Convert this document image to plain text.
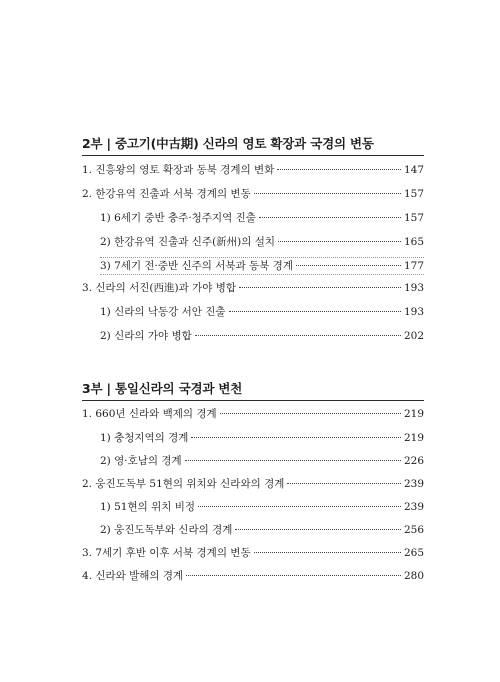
2부 | 중고기(中古期) 신라의 영토 확장과 국경의 변동
1. 진흥왕의 영토 확장과 동북 경계의 변화	147
2. 한강유역 진출과 서북 경계의 변동	157
1) 6세기 중반 충주·청주지역 진출	157
2) 한강유역 진출과 신주(新州)의 설치	165
3) 7세기 전·중반 신주의 서북과 동북 경계	177
3. 신라의 서진(西進)과 가야 병합	193
1) 신라의 낙동강 서안 진출	193
2) 신라의 가야 병합	202
3부 | 통일신라의 국경과 변천
1. 660년 신라와 백제의 경계	219
1) 충청지역의 경계	219
2) 영·호남의 경계	226
2. 웅진도독부 51현의 위치와 신라와의 경계	239
1) 51현의 위치 비정	239
2) 웅진도독부와 신라의 경계	256
3. 7세기 후반 이후 서북 경계의 변동	265
4. 신라와 발해의 경계	280
